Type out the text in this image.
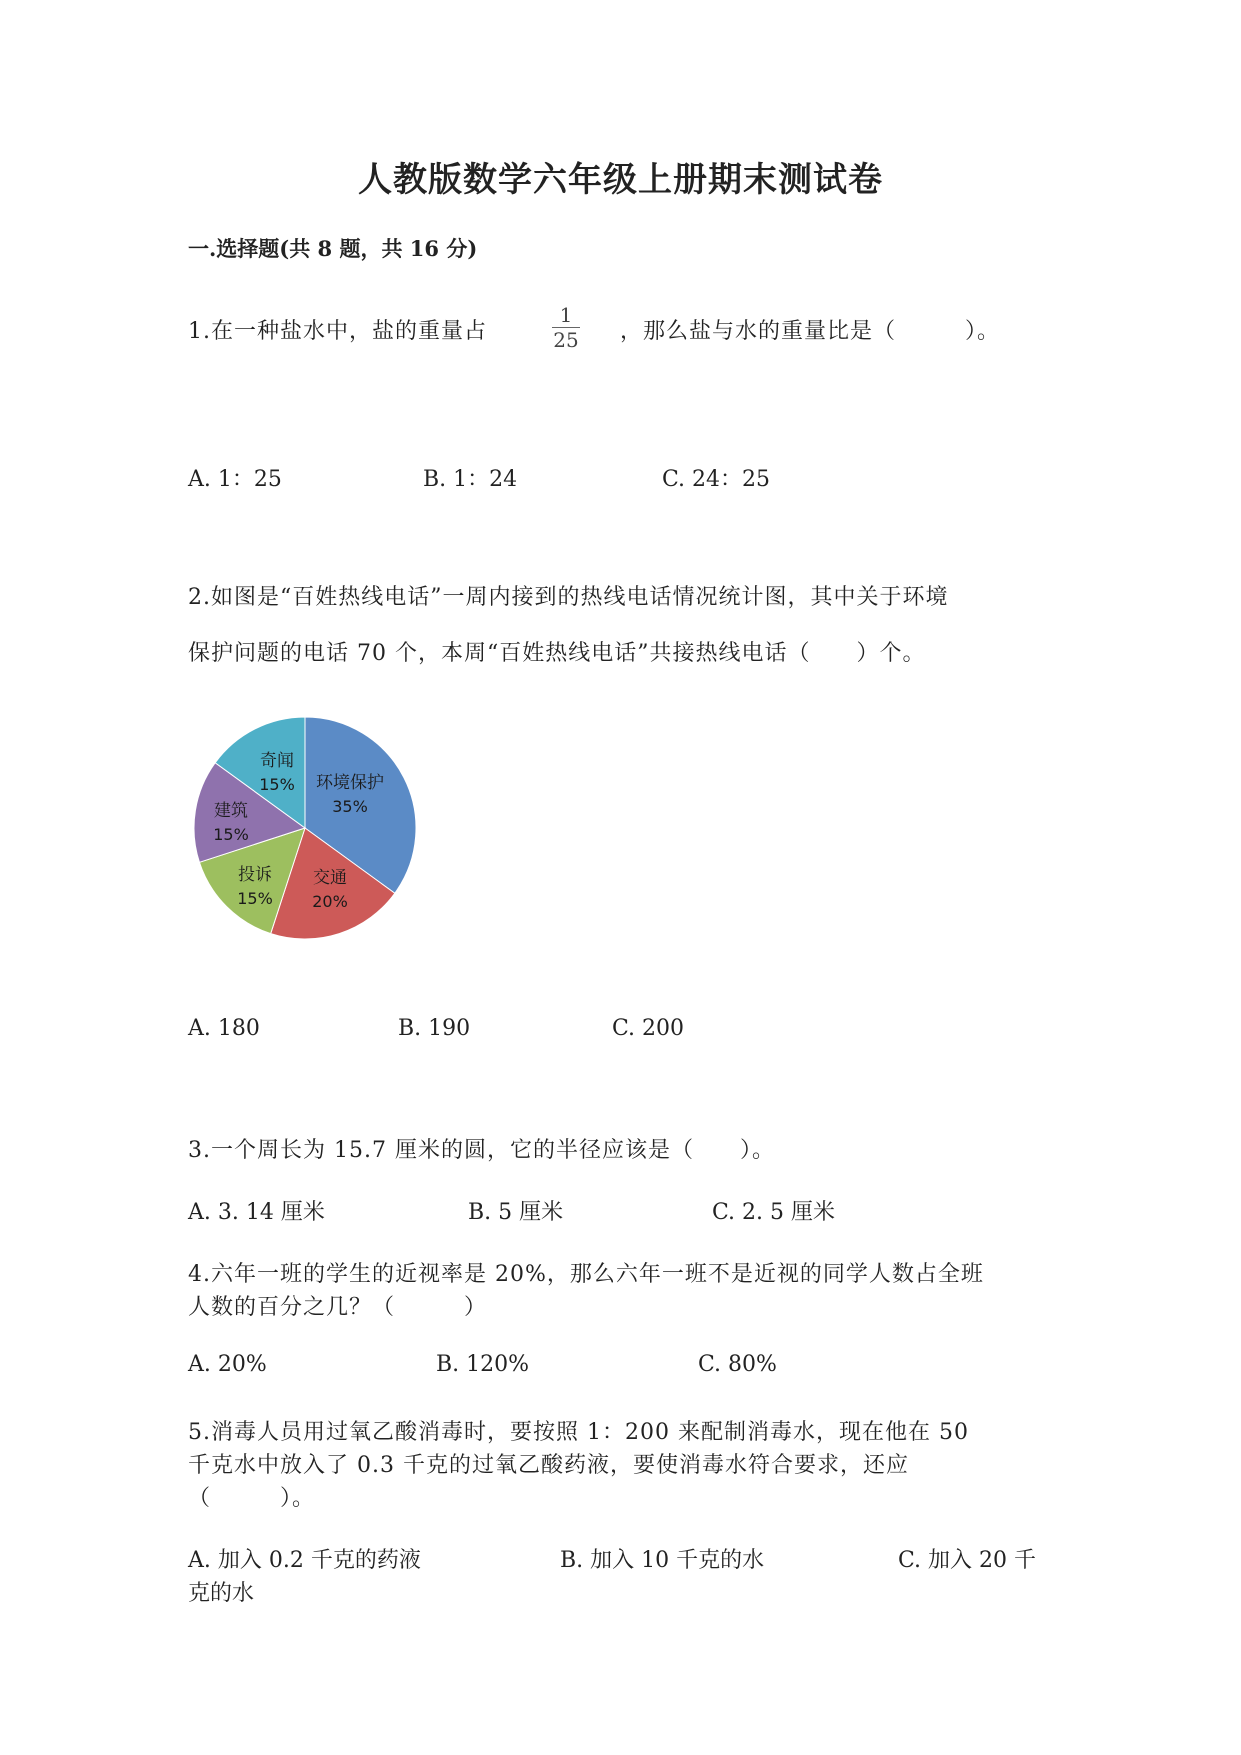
人教版数学六年级上册期末测试卷
一.选择题(共 8 题，共 16 分)
1.在一种盐水中，盐的重量占
1
25 ，那么盐与水的重量比是（　　　）。
A. 1：25	B. 1：24	C. 24：25
2.如图是“百姓热线电话”一周内接到的热线电话情况统计图，其中关于环境
保护问题的电话 70 个，本周“百姓热线电话”共接热线电话（　　）个。
环境保护
35%
交通
20%
投诉
15%
建筑
15%
奇闻
15%
A. 180	B. 190	C. 200
3.一个周长为 15.7 厘米的圆，它的半径应该是（　　）。
A. 3. 14 厘米	B. 5 厘米	C. 2. 5 厘米
4.六年一班的学生的近视率是 20%，那么六年一班不是近视的同学人数占全班
人数的百分之几？（　　　）
A. 20%	B. 120%	C. 80%
5.消毒人员用过氧乙酸消毒时，要按照 1：200 来配制消毒水，现在他在 50
千克水中放入了 0.3 千克的过氧乙酸药液，要使消毒水符合要求，还应
（　　　）。
A. 加入 0.2 千克的药液	B. 加入 10 千克的水	C. 加入 20 千
克的水
